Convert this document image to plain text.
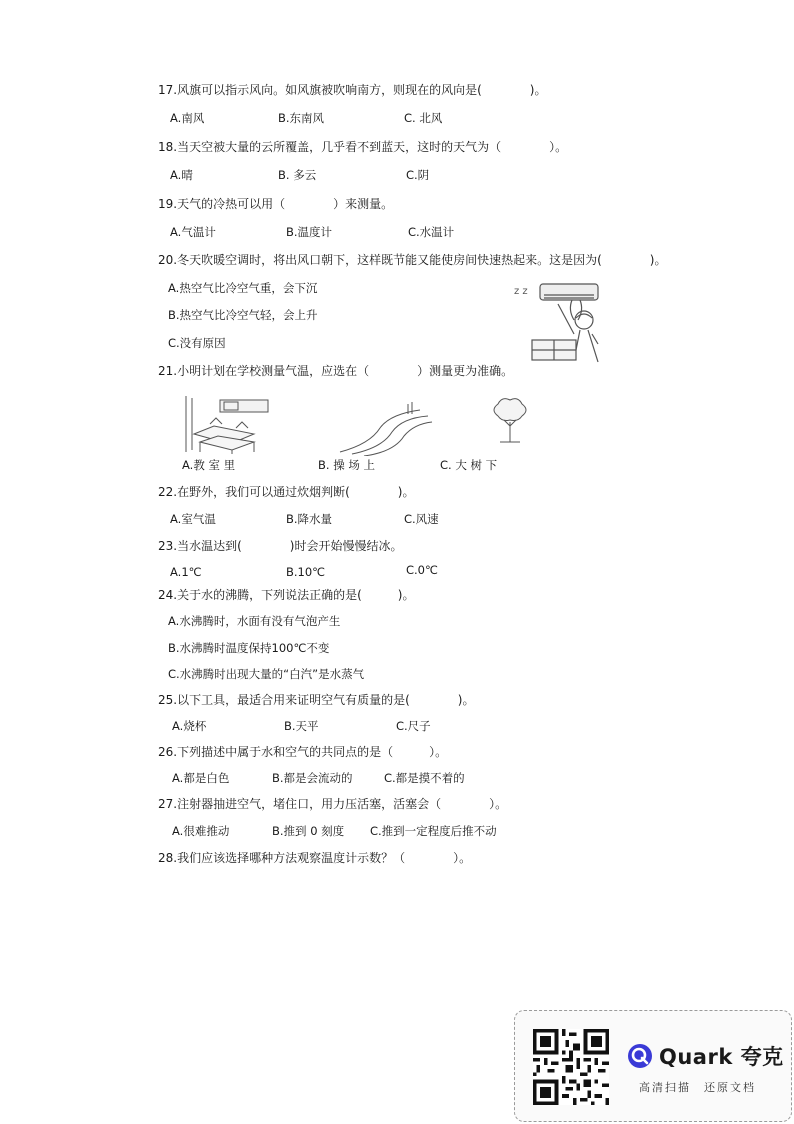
17.风旗可以指示风向。如风旗被吹响南方，则现在的风向是(　　　　)。
A.南风	B.东南风	C. 北风
18.当天空被大量的云所覆盖，几乎看不到蓝天，这时的天气为（　　　　）。
A.晴	B. 多云	C.阴
19.天气的冷热可以用（　　　　）来测量。
A.气温计	B.温度计	C.水温计
20.冬天吹暖空调时，将出风口朝下，这样既节能又能使房间快速热起来。这是因为(　　　　)。
A.热空气比冷空气重，会下沉
B.热空气比冷空气轻，会上升
C.没有原因
z z
21.小明计划在学校测量气温，应选在（　　　　）测量更为准确。
A.教 室 里	B. 操 场 上	C. 大 树 下
22.在野外，我们可以通过炊烟判断(　　　　)。
A.室气温	B.降水量	C.风速
23.当水温达到(　　　　)时会开始慢慢结冰。
A.1℃	B.10℃	C.0℃
24.关于水的沸腾，下列说法正确的是(　　　)。
A.水沸腾时，水面有没有气泡产生
B.水沸腾时温度保持100℃不变
C.水沸腾时出现大量的“白汽”是水蒸气
25.以下工具，最适合用来证明空气有质量的是(　　　　)。
A.烧杯	B.天平	C.尺子
26.下列描述中属于水和空气的共同点的是（　　　）。
A.都是白色	B.都是会流动的	C.都是摸不着的
27.注射器抽进空气，堵住口，用力压活塞，活塞会（　　　　）。
A.很难推动	B.推到 0 刻度 C.推到一定程度后推不动
28.我们应该选择哪种方法观察温度计示数？（　　　　）。
Quark 夸克
高清扫描　还原文档
